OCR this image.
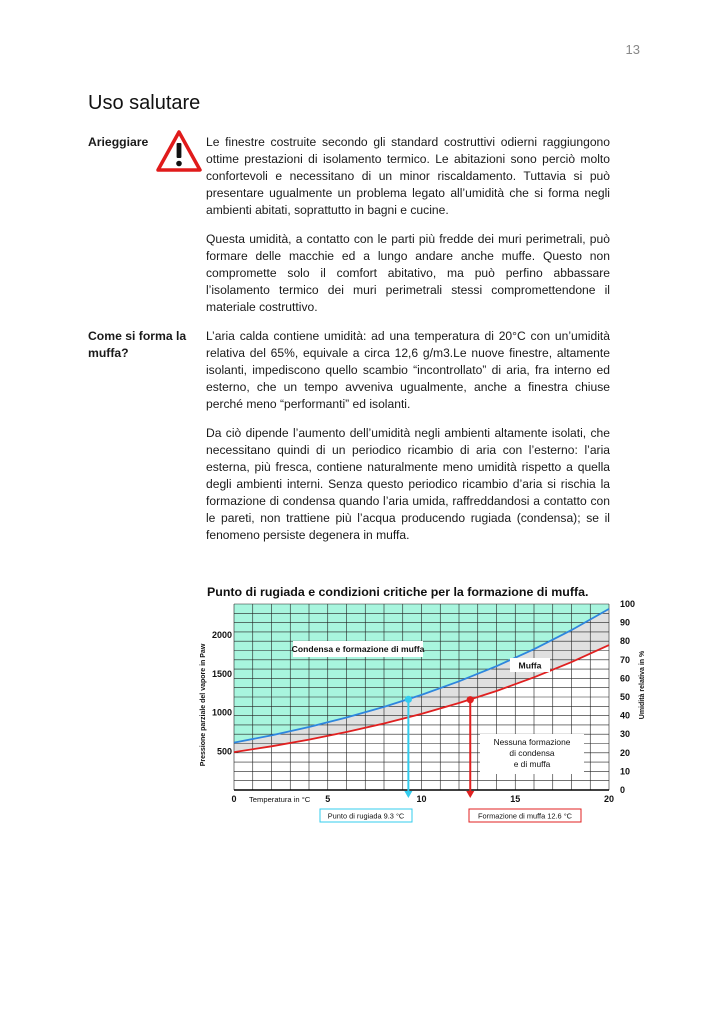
13
Uso salutare
Arieggiare	Le finestre costruite secondo gli standard costruttivi odierni raggiungono ottime prestazioni di isolamento termico. Le abitazioni sono perciò molto confortevoli e necessitano di un minor riscaldamento. Tuttavia si può presentare ugualmente un problema legato all’umidità che si forma negli ambienti abitati, soprattutto in bagni e cucine.

Questa umidità, a contatto con le parti più fredde dei muri perimetrali, può formare delle macchie ed a lungo andare anche muffe. Questo non compromette solo il comfort abitativo, ma può perfino abbassare l’isolamento termico dei muri perimetrali stessi compromettendone il materiale costruttivo.

Come si forma la muffa?

L’aria calda contiene umidità: ad una temperatura di 20°C con un’umidità relativa del 65%, equivale a circa 12,6 g/m3.Le nuove finestre, altamente isolanti, impediscono quello scambio “incontrollato” di aria, fra interno ed esterno, che un tempo avveniva ugualmente, anche a finestra chiuse perché meno “performanti” ed isolanti.

Da ciò dipende l’aumento dell’umidità negli ambienti altamente isolati, che necessitano quindi di un periodico ricambio di aria con l’esterno: l’aria esterna, più fresca, contiene naturalmente meno umidità rispetto a quella degli ambienti interni. Senza questo periodico ricambio d’aria si rischia la formazione di condensa quando l’aria umida, raffreddandosi a contatto con le pareti, non trattiene più l’acqua producendo rugiada (condensa); se il fenomeno persiste degenera in muffa.

0	5	10	15	20
500
1000
1500
2000
0
10
20
30
40
50
60
70
80
90
100
Punto di rugiada e condizioni critiche per la formazione di muffa.
Condensa e formazione di muffa
Muffa
Nessuna formazione
di condensa
e di muffa
Temperatura in °C
Pressione parziale del vapore in Paw	Umidità relativa in %
Punto di rugiada 9.3 °C	Formazione di muffa 12.6 °C
